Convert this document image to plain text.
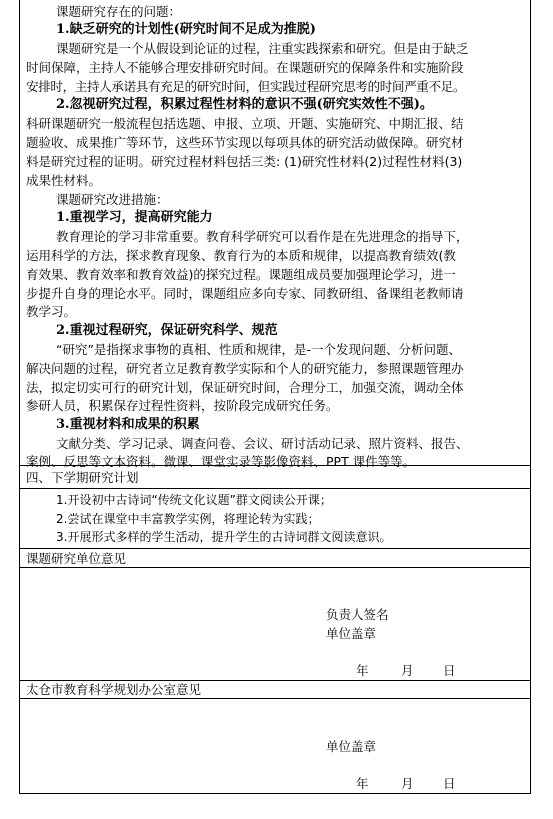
课题研究存在的问题：
1.缺乏研究的计划性(研究时间不足成为推脱)
课题研究是一个从假设到论证的过程，注重实践探索和研究。但是由于缺乏
时间保障，主持人不能够合理安排研究时间。在课题研究的保障条件和实施阶段
安排时，主持人承诺具有充足的研究时间，但实践过程研究思考的时间严重不足。
2.忽视研究过程，积累过程性材料的意识不强(研究实效性不强)。
科研课题研究一般流程包括选题、申报、立项、开题、实施研究、中期汇报、结
题验收、成果推广等环节，这些环节实现以每项具体的研究活动做保障。研究材
料是研究过程的证明。研究过程材料包括三类: (1)研究性材料(2)过程性材料(3)
成果性材料。
课题研究改进措施：
1.重视学习，提高研究能力
教育理论的学习非常重要。教育科学研究可以看作是在先进理念的指导下，
运用科学的方法，探求教育现象、教育行为的本质和规律，以提高教育绩效(教
育效果、教育效率和教育效益)的探究过程。课题组成员要加强理论学习，进一
步提升自身的理论水平。同时，课题组应多向专家、同教研组、备课组老教师请
教学习。
2.重视过程研究，保证研究科学、规范
“研究”是指探求事物的真相、性质和规律，是-一个发现问题、分析问题、
解决问题的过程，研究者立足教育教学实际和个人的研究能力，参照课题管理办
法，拟定切实可行的研究计划，保证研究时间，合理分工，加强交流，调动全体
参研人员，积累保存过程性资料，按阶段完成研究任务。
3.重视材料和成果的积累
文献分类、学习记录、调查问卷、会议、研讨活动记录、照片资料、报告、
案例、反思等文本资料。微课、课堂实录等影像资料、PPT 课件等等。
四、下学期研究计划
1.开设初中古诗词“传统文化议题”群文阅读公开课；
2.尝试在课堂中丰富教学实例，将理论转为实践；
3.开展形式多样的学生活动，提升学生的古诗词群文阅读意识。
课题研究单位意见
负责人签名
单位盖章
年	月 日
太仓市教育科学规划办公室意见
单位盖章
年	月 日
